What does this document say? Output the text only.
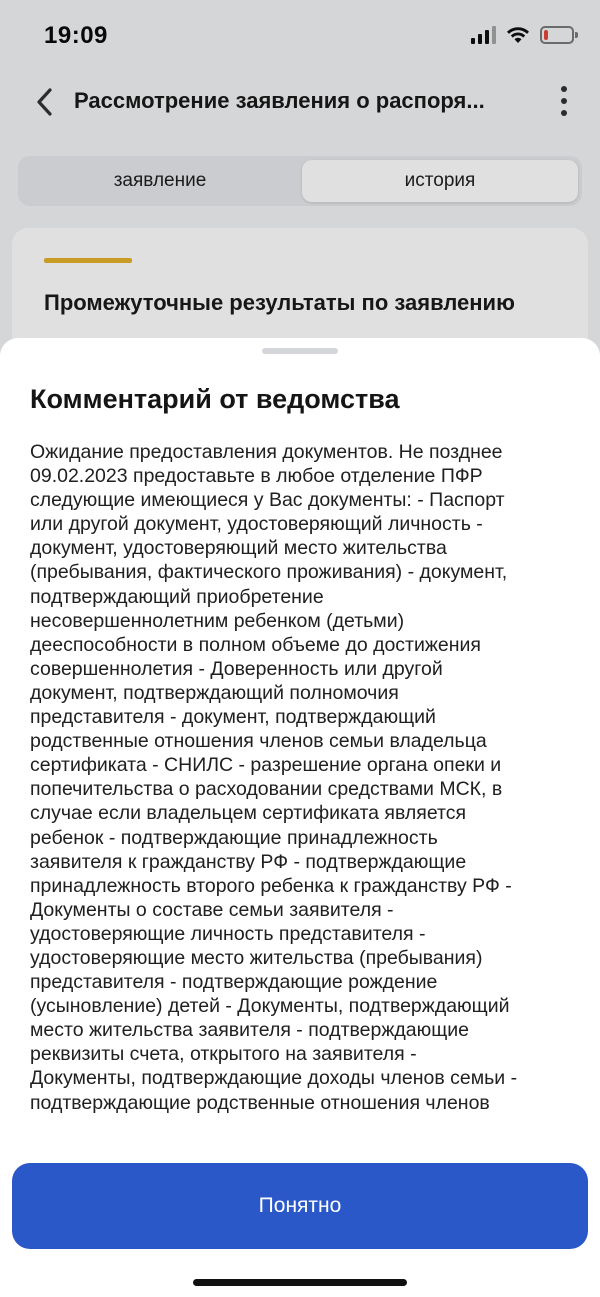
19:09
Рассмотрение заявления о распоря...
заявление	история
Промежуточные результаты по заявлению
Комментарий от ведомства
Ожидание предоставления документов. Не позднее
09.02.2023 предоставьте в любое отделение ПФР
следующие имеющиеся у Вас документы: - Паспорт
или другой документ, удостоверяющий личность -
документ, удостоверяющий место жительства
(пребывания, фактического проживания) - документ,
подтверждающий приобретение
несовершеннолетним ребенком (детьми)
дееспособности в полном объеме до достижения
совершеннолетия - Доверенность или другой
документ, подтверждающий полномочия
представителя - документ, подтверждающий
родственные отношения членов семьи владельца
сертификата - СНИЛС - разрешение органа опеки и
попечительства о расходовании средствами МСК, в
случае если владельцем сертификата является
ребенок - подтверждающие принадлежность
заявителя к гражданству РФ - подтверждающие
принадлежность второго ребенка к гражданству РФ -
Документы о составе семьи заявителя -
удостоверяющие личность представителя -
удостоверяющие место жительства (пребывания)
представителя - подтверждающие рождение
(усыновление) детей - Документы, подтверждающий
место жительства заявителя - подтверждающие
реквизиты счета, открытого на заявителя -
Документы, подтверждающие доходы членов семьи -
подтверждающие родственные отношения членов
Понятно
